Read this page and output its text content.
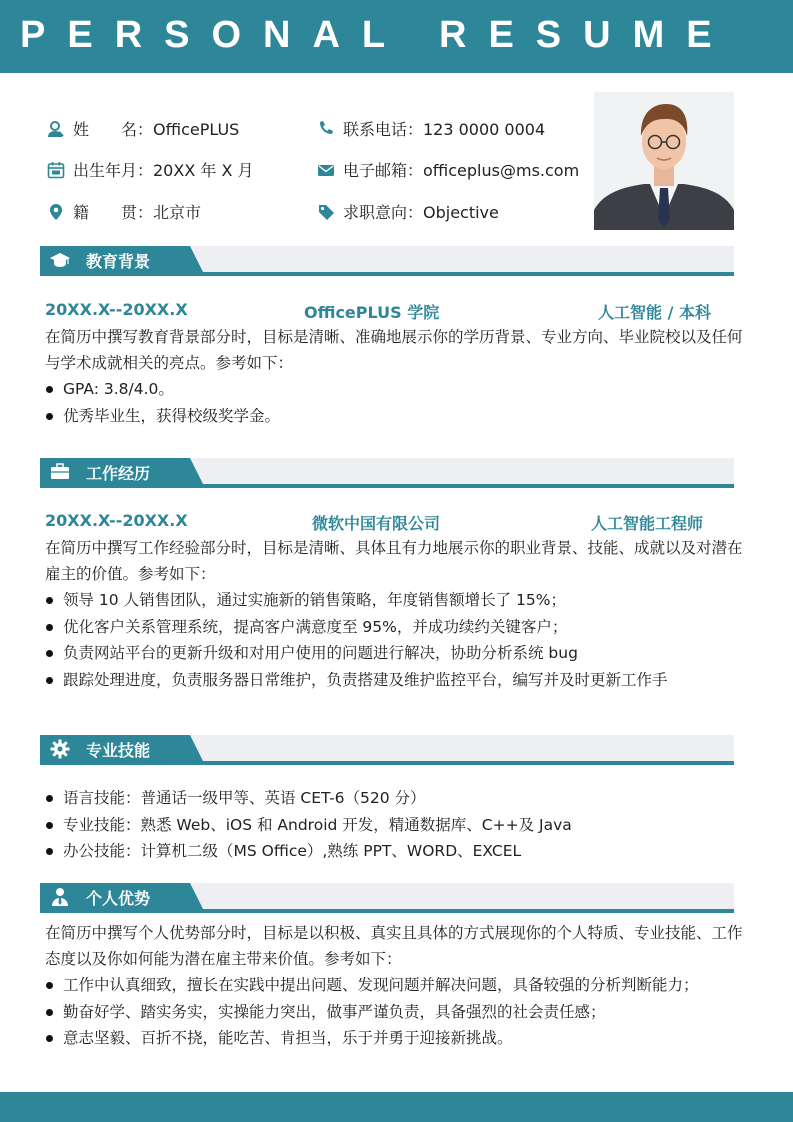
PERSONAL RESUME
姓　　名：OfficePLUS
出生年月：20XX 年 X 月
籍　　贯：北京市
联系电话：123 0000 0004
电子邮箱：officeplus@ms.com
求职意向：Objective
教育背景
20XX.X--20XX.X	OfficePLUS 学院	人工智能 / 本科
在简历中撰写教育背景部分时，目标是清晰、准确地展示你的学历背景、专业方向、毕业院校以及任何与学术成就相关的亮点。参考如下：
GPA: 3.8/4.0。
优秀毕业生，获得校级奖学金。
工作经历
20XX.X--20XX.X	微软中国有限公司	人工智能工程师
在简历中撰写工作经验部分时，目标是清晰、具体且有力地展示你的职业背景、技能、成就以及对潜在雇主的价值。参考如下：
领导 10 人销售团队，通过实施新的销售策略，年度销售额增长了 15%；
优化客户关系管理系统，提高客户满意度至 95%，并成功续约关键客户；
负责网站平台的更新升级和对用户使用的问题进行解决，协助分析系统 bug
跟踪处理进度，负责服务器日常维护，负责搭建及维护监控平台，编写并及时更新工作手
专业技能
语言技能：普通话一级甲等、英语 CET-6（520 分）
专业技能：熟悉 Web、iOS 和 Android 开发，精通数据库、C++及 Java
办公技能：计算机二级（MS Office）,熟练 PPT、WORD、EXCEL
个人优势
在简历中撰写个人优势部分时，目标是以积极、真实且具体的方式展现你的个人特质、专业技能、工作态度以及你如何能为潜在雇主带来价值。参考如下：
工作中认真细致，擅长在实践中提出问题、发现问题并解决问题，具备较强的分析判断能力；
勤奋好学、踏实务实，实操能力突出，做事严谨负责，具备强烈的社会责任感；
意志坚毅、百折不挠，能吃苦、肯担当，乐于并勇于迎接新挑战。
